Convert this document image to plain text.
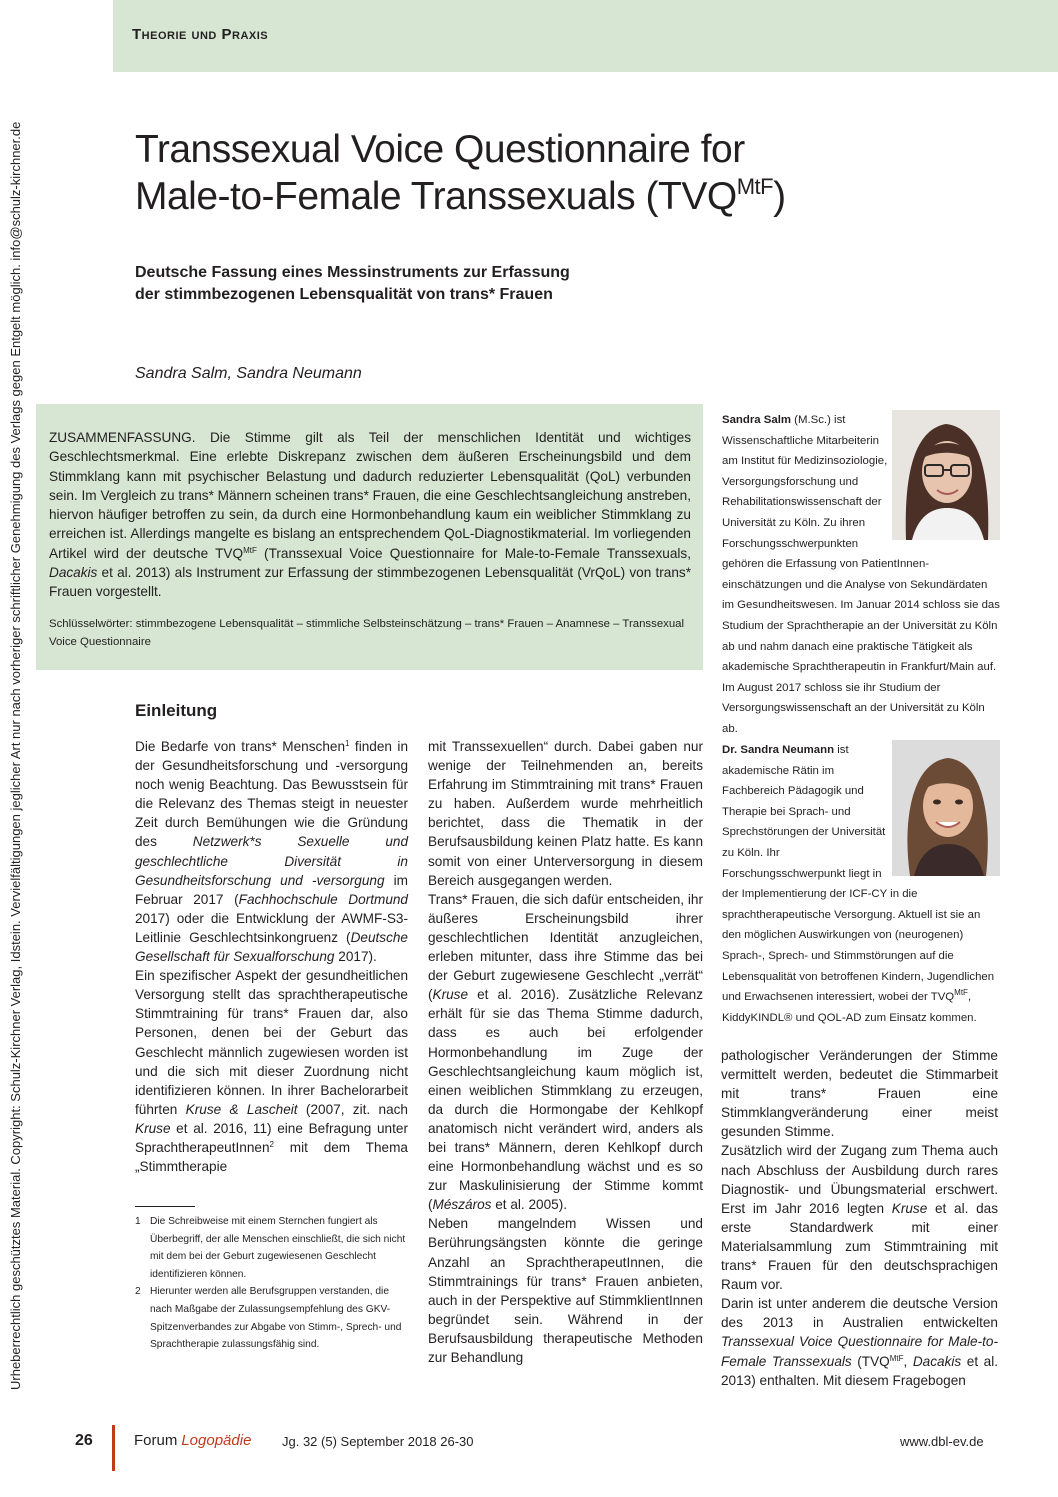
Theorie und Praxis
Urheberrechtlich geschütztes Material. Copyright: Schulz-Kirchner Verlag, Idstein. Vervielfältigungen jeglicher Art nur nach vorheriger schriftlicher Genehmigung des Verlags gegen Entgelt möglich. info@schulz-kirchner.de	Transsexual Voice Questionnaire for
Male-to-Female Transsexuals $(TVQ^{MtF})$
Deutsche Fassung eines Messinstruments zur Erfassung
der stimmbezogenen Lebensqualität von trans* Frauen
Sandra Salm, Sandra Neumann
ZUSAMMENFASSUNG. Die Stimme gilt als Teil der menschlichen Identität und wichtiges Geschlechtsmerkmal. Eine erlebte Diskrepanz zwischen dem äußeren Erscheinungsbild und dem Stimmklang kann mit psychischer Belastung und dadurch reduzierter Lebensqualität (QoL) verbunden sein. Im Vergleich zu trans* Männern scheinen trans* Frauen, die eine Geschlechtsangleichung anstreben, hiervon häufiger betroffen zu sein, da durch eine Hormonbehandlung kaum ein weiblicher Stimmklang zu erreichen ist. Allerdings mangelte es bislang an entsprechendem QoL-Diagnostikmaterial. Im vorliegenden Artikel wird der deutsche $TVQ^{MtF}$ (Transsexual Voice Questionnaire for Male-to-Female Transsexuals, Dacakis et al. 2013) als Instrument zur Erfassung der stimmbezogenen Lebensqualität (VrQoL) von trans* Frauen vorgestellt.
Schlüsselwörter: stimmbezogene Lebensqualität – stimmliche Selbsteinschätzung – trans* Frauen – Anamnese – Transsexual Voice Questionnaire
Einleitung

Die Bedarfe von trans* Menschen$^1$ finden in der Gesundheitsforschung und -versorgung noch wenig Beachtung. Das Bewusstsein für die Relevanz des Themas steigt in neuester Zeit durch Bemühungen wie die Gründung des Netzwerk*s Sexuelle und geschlechtliche Diversität in Gesundheitsforschung und -versorgung im Februar 2017 (Fachhochschule Dortmund 2017) oder die Entwicklung der AWMF-S3-Leitlinie Geschlechtsinkongruenz (Deutsche Gesellschaft für Sexualforschung 2017).

Ein spezifischer Aspekt der gesundheitlichen Versorgung stellt das sprachtherapeutische Stimmtraining für trans* Frauen dar, also Personen, denen bei der Geburt das Geschlecht männlich zugewiesen worden ist und die sich mit dieser Zuordnung nicht identifizieren können. In ihrer Bachelorarbeit führten Kruse & Lascheit (2007, zit. nach Kruse et al. 2016, 11) eine Befragung unter SprachtherapeutInnen$^2$ mit dem Thema „Stimmtherapie

1 Die Schreibweise mit einem Sternchen fungiert als Überbegriff, der alle Menschen einschließt, die sich nicht mit dem bei der Geburt zugewiesenen Geschlecht identifizieren können.
2 Hierunter werden alle Berufsgruppen verstanden, die nach Maßgabe der Zulassungsempfehlung des GKV-Spitzenverbandes zur Abgabe von Stimm-, Sprech- und Sprachtherapie zulassungsfähig sind.

mit Transsexuellen“ durch. Dabei gaben nur wenige der Teilnehmenden an, bereits Erfahrung im Stimmtraining mit trans* Frauen zu haben. Außerdem wurde mehrheitlich berichtet, dass die Thematik in der Berufsausbildung keinen Platz hatte. Es kann somit von einer Unterversorgung in diesem Bereich ausgegangen werden.

Trans* Frauen, die sich dafür entscheiden, ihr äußeres Erscheinungsbild ihrer geschlechtlichen Identität anzugleichen, erleben mitunter, dass ihre Stimme das bei der Geburt zugewiesene Geschlecht „verrät“ (Kruse et al. 2016). Zusätzliche Relevanz erhält für sie das Thema Stimme dadurch, dass es auch bei erfolgender Hormonbehandlung im Zuge der Geschlechtsangleichung kaum möglich ist, einen weiblichen Stimmklang zu erzeugen, da durch die Hormongabe der Kehlkopf anatomisch nicht verändert wird, anders als bei trans* Männern, deren Kehlkopf durch eine Hormonbehandlung wächst und es so zur Maskulinisierung der Stimme kommt (Mészáros et al. 2005).

Neben mangelndem Wissen und Berührungsängsten könnte die geringe Anzahl an SprachtherapeutInnen, die Stimmtrainings für trans* Frauen anbieten, auch in der Perspektive auf StimmklientInnen begründet sein. Während in der Berufsausbildung therapeutische Methoden zur Behandlung

pathologischer Veränderungen der Stimme vermittelt werden, bedeutet die Stimmarbeit mit trans* Frauen eine Stimmklangveränderung einer meist gesunden Stimme.

Zusätzlich wird der Zugang zum Thema auch nach Abschluss der Ausbildung durch rares Diagnostik- und Übungsmaterial erschwert. Erst im Jahr 2016 legten Kruse et al. das erste Standardwerk mit einer Materialsammlung zum Stimmtraining mit trans* Frauen für den deutschsprachigen Raum vor.

Darin ist unter anderem die deutsche Version des 2013 in Australien entwickelten Transsexual Voice Questionnaire for Male-to-Female Transsexuals ($TVQ^{MtF}$, Dacakis et al. 2013) enthalten. Mit diesem Fragebogen

Sandra Salm (M.Sc.) ist Wissenschaftliche Mitarbeiterin am Institut für Medizinsoziologie, Versorgungsforschung und Rehabilitationswissenschaft der Universität zu Köln. Zu ihren Forschungsschwerpunkten gehören die Erfassung von PatientInnen-einschätzungen und die Analyse von Sekundärdaten im Gesundheitswesen. Im Januar 2014 schloss sie das Studium der Sprachtherapie an der Universität zu Köln ab und nahm danach eine praktische Tätigkeit als akademische Sprachtherapeutin in Frankfurt/Main auf. Im August 2017 schloss sie ihr Studium der Versorgungswissenschaft an der Universität zu Köln ab.
Dr. Sandra Neumann ist akademische Rätin im Fachbereich Pädagogik und Therapie bei Sprach- und Sprechstörungen der Universität zu Köln. Ihr Forschungsschwerpunkt liegt in der Implementierung der ICF-CY in die sprachtherapeutische Versorgung. Aktuell ist sie an den möglichen Auswirkungen von (neurogenen) Sprach-, Sprech- und Stimmstörungen auf die Lebensqualität von betroffenen Kindern, Jugendlichen und Erwachsenen interessiert, wobei der $TVQ^{MtF}$, KiddyKINDL® und QOL-AD zum Einsatz kommen.
26	Forum Logopädie Jg. 32 (5) September 2018 26-30	www.dbl-ev.de
